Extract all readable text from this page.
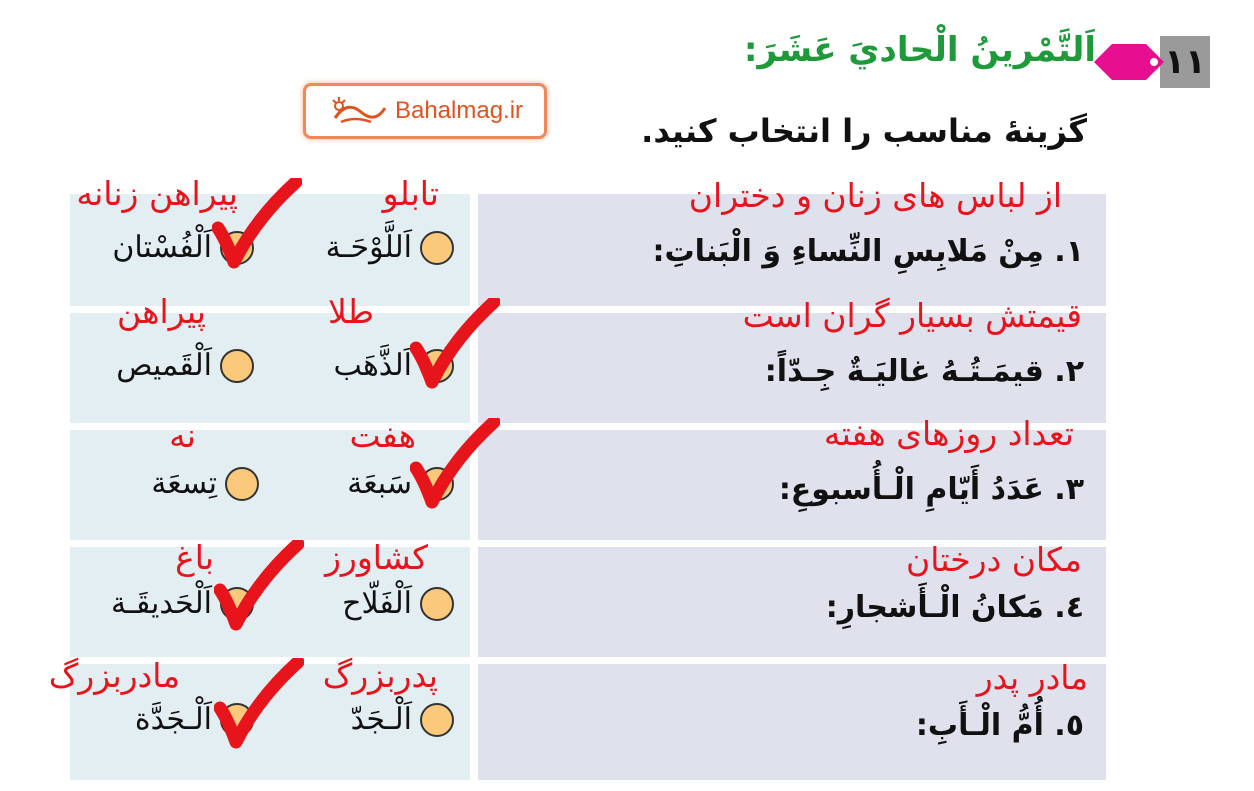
۱۱
اَلتَّمْرينُ الْحاديَ عَشَرَ:
گزينۀ مناسب را انتخاب كنيد.
Bahalmag.ir
از لباس های زنان و دختران
۱. مِنْ مَلابِسِ النِّساءِ وَ الْبَناتِ:
اَللَّوْحَـة
تابلو
اَلْفُسْتان
پیراهن زنانه
قیمتش بسیار گران است
۲. قيمَـتُـهُ غاليَـةٌ جِـدّاً:
اَلذَّهَب
طلا
اَلْقَميص
پیراهن
تعداد روزهای هفته
۳. عَدَدُ أَيّامِ الْـأُسبوعِ:
سَبعَة
هفت
تِسعَة
نه
مکان درختان
٤. مَكانُ الْـأَشجارِ:
اَلْفَلّاح
کشاورز
اَلْحَديقَـة
باغ
مادر پدر
٥. أُمُّ الْـأَبِ:
اَلْـجَدّ
پدربزرگ
اَلْـجَدَّة
مادربزرگ
